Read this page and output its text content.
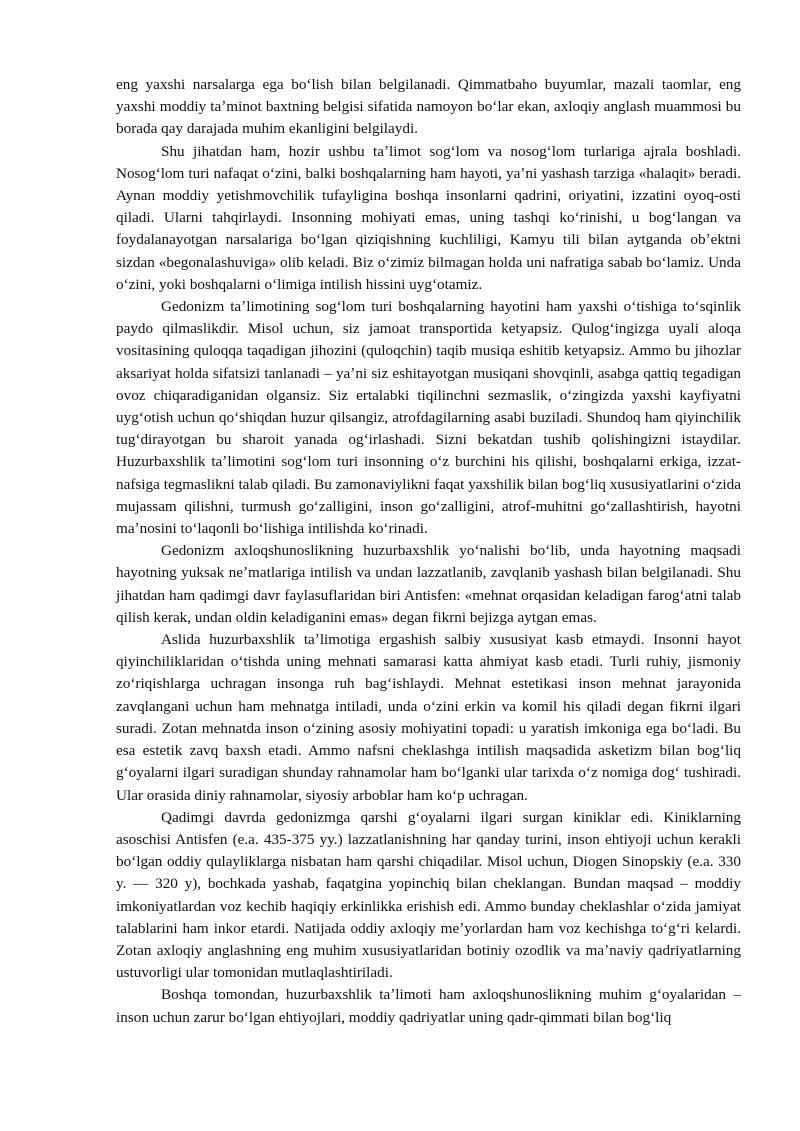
eng yaxshi narsalarga ega boʻlish bilan belgilanadi. Qimmatbaho buyumlar, mazali taomlar, eng yaxshi moddiy taʼminot baxtning belgisi sifatida namoyon boʻlar ekan, axloqiy anglash muammosi bu borada qay darajada muhim ekanligini belgilaydi.

Shu jihatdan ham, hozir ushbu taʼlimot sogʻlom va nosogʻlom turlariga ajrala boshladi. Nosogʻlom turi nafaqat oʻzini, balki boshqalarning ham hayoti, yaʼni yashash tarziga «halaqit» beradi. Aynan moddiy yetishmovchilik tufayligina boshqa insonlarni qadrini, oriyatini, izzatini oyoq-osti qiladi. Ularni tahqirlaydi. Insonning mohiyati emas, uning tashqi koʻrinishi, u bogʻlangan va foydalanayotgan narsalariga boʻlgan qiziqishning kuchliligi, Kamyu tili bilan aytganda obʼektni sizdan «begonalashuviga» olib keladi. Biz oʻzimiz bilmagan holda uni nafratiga sabab boʻlamiz. Unda oʻzini, yoki boshqalarni oʻlimiga intilish hissini uygʻotamiz.

Gedonizm taʼlimotining sogʻlom turi boshqalarning hayotini ham yaxshi oʻtishiga toʻsqinlik paydo qilmaslikdir. Misol uchun, siz jamoat transportida ketyapsiz. Qulogʻingizga uyali aloqa vositasining quloqqa taqadigan jihozini (quloqchin) taqib musiqa eshitib ketyapsiz. Ammo bu jihozlar aksariyat holda sifatsizi tanlanadi – yaʼni siz eshitayotgan musiqani shovqinli, asabga qattiq tegadigan ovoz chiqaradiganidan olgansiz. Siz ertalabki tiqilinchni sezmaslik, oʻzingizda yaxshi kayfiyatni uygʻotish uchun qoʻshiqdan huzur qilsangiz, atrofdagilarning asabi buziladi. Shundoq ham qiyinchilik tugʻdirayotgan bu sharoit yanada ogʻirlashadi. Sizni bekatdan tushib qolishingizni istaydilar. Huzurbaxshlik taʼlimotini sogʻlom turi insonning oʻz burchini his qilishi, boshqalarni erkiga, izzat-nafsiga tegmaslikni talab qiladi. Bu zamonaviylikni faqat yaxshilik bilan bogʻliq xususiyatlarini oʻzida mujassam qilishni, turmush goʻzalligini, inson goʻzalligini, atrof-muhitni goʻzallashtirish, hayotni maʼnosini toʻlaqonli boʻlishiga intilishda koʻrinadi.

Gedonizm axloqshunoslikning huzurbaxshlik yoʻnalishi boʻlib, unda hayotning maqsadi hayotning yuksak neʼmatlariga intilish va undan lazzatlanib, zavqlanib yashash bilan belgilanadi. Shu jihatdan ham qadimgi davr faylasuflaridan biri Antisfen: «mehnat orqasidan keladigan farogʻatni talab qilish kerak, undan oldin keladiganini emas» degan fikrni bejizga aytgan emas.

Aslida huzurbaxshlik taʼlimotiga ergashish salbiy xususiyat kasb etmaydi. Insonni hayot qiyinchiliklaridan oʻtishda uning mehnati samarasi katta ahmiyat kasb etadi. Turli ruhiy, jismoniy zoʻriqishlarga uchragan insonga ruh bagʻishlaydi. Mehnat estetikasi inson mehnat jarayonida zavqlangani uchun ham mehnatga intiladi, unda oʻzini erkin va komil his qiladi degan fikrni ilgari suradi. Zotan mehnatda inson oʻzining asosiy mohiyatini topadi: u yaratish imkoniga ega boʻladi. Bu esa estetik zavq baxsh etadi. Ammo nafsni cheklashga intilish maqsadida asketizm bilan bogʻliq gʻoyalarni ilgari suradigan shunday rahnamolar ham boʻlganki ular tarixda oʻz nomiga dogʻ tushiradi. Ular orasida diniy rahnamolar, siyosiy arboblar ham koʻp uchragan.

Qadimgi davrda gedonizmga qarshi gʻoyalarni ilgari surgan kiniklar edi. Kiniklarning asoschisi Antisfen (e.a. 435-375 yy.) lazzatlanishning har qanday turini, inson ehtiyoji uchun kerakli boʻlgan oddiy qulayliklarga nisbatan ham qarshi chiqadilar. Misol uchun, Diogen Sinopskiy (e.a. 330 y. — 320 y), bochkada yashab, faqatgina yopinchiq bilan cheklangan. Bundan maqsad – moddiy imkoniyatlardan voz kechib haqiqiy erkinlikka erishish edi. Ammo bunday cheklashlar oʻzida jamiyat talablarini ham inkor etardi. Natijada oddiy axloqiy meʼyorlardan ham voz kechishga toʻgʻri kelardi. Zotan axloqiy anglashning eng muhim xususiyatlaridan botiniy ozodlik va maʼnaviy qadriyatlarning ustuvorligi ular tomonidan mutlaqlashtiriladi.

Boshqa tomondan, huzurbaxshlik taʼlimoti ham axloqshunoslikning muhim gʻoyalaridan – inson uchun zarur boʻlgan ehtiyojlari, moddiy qadriyatlar uning qadr-qimmati bilan bogʻliq
